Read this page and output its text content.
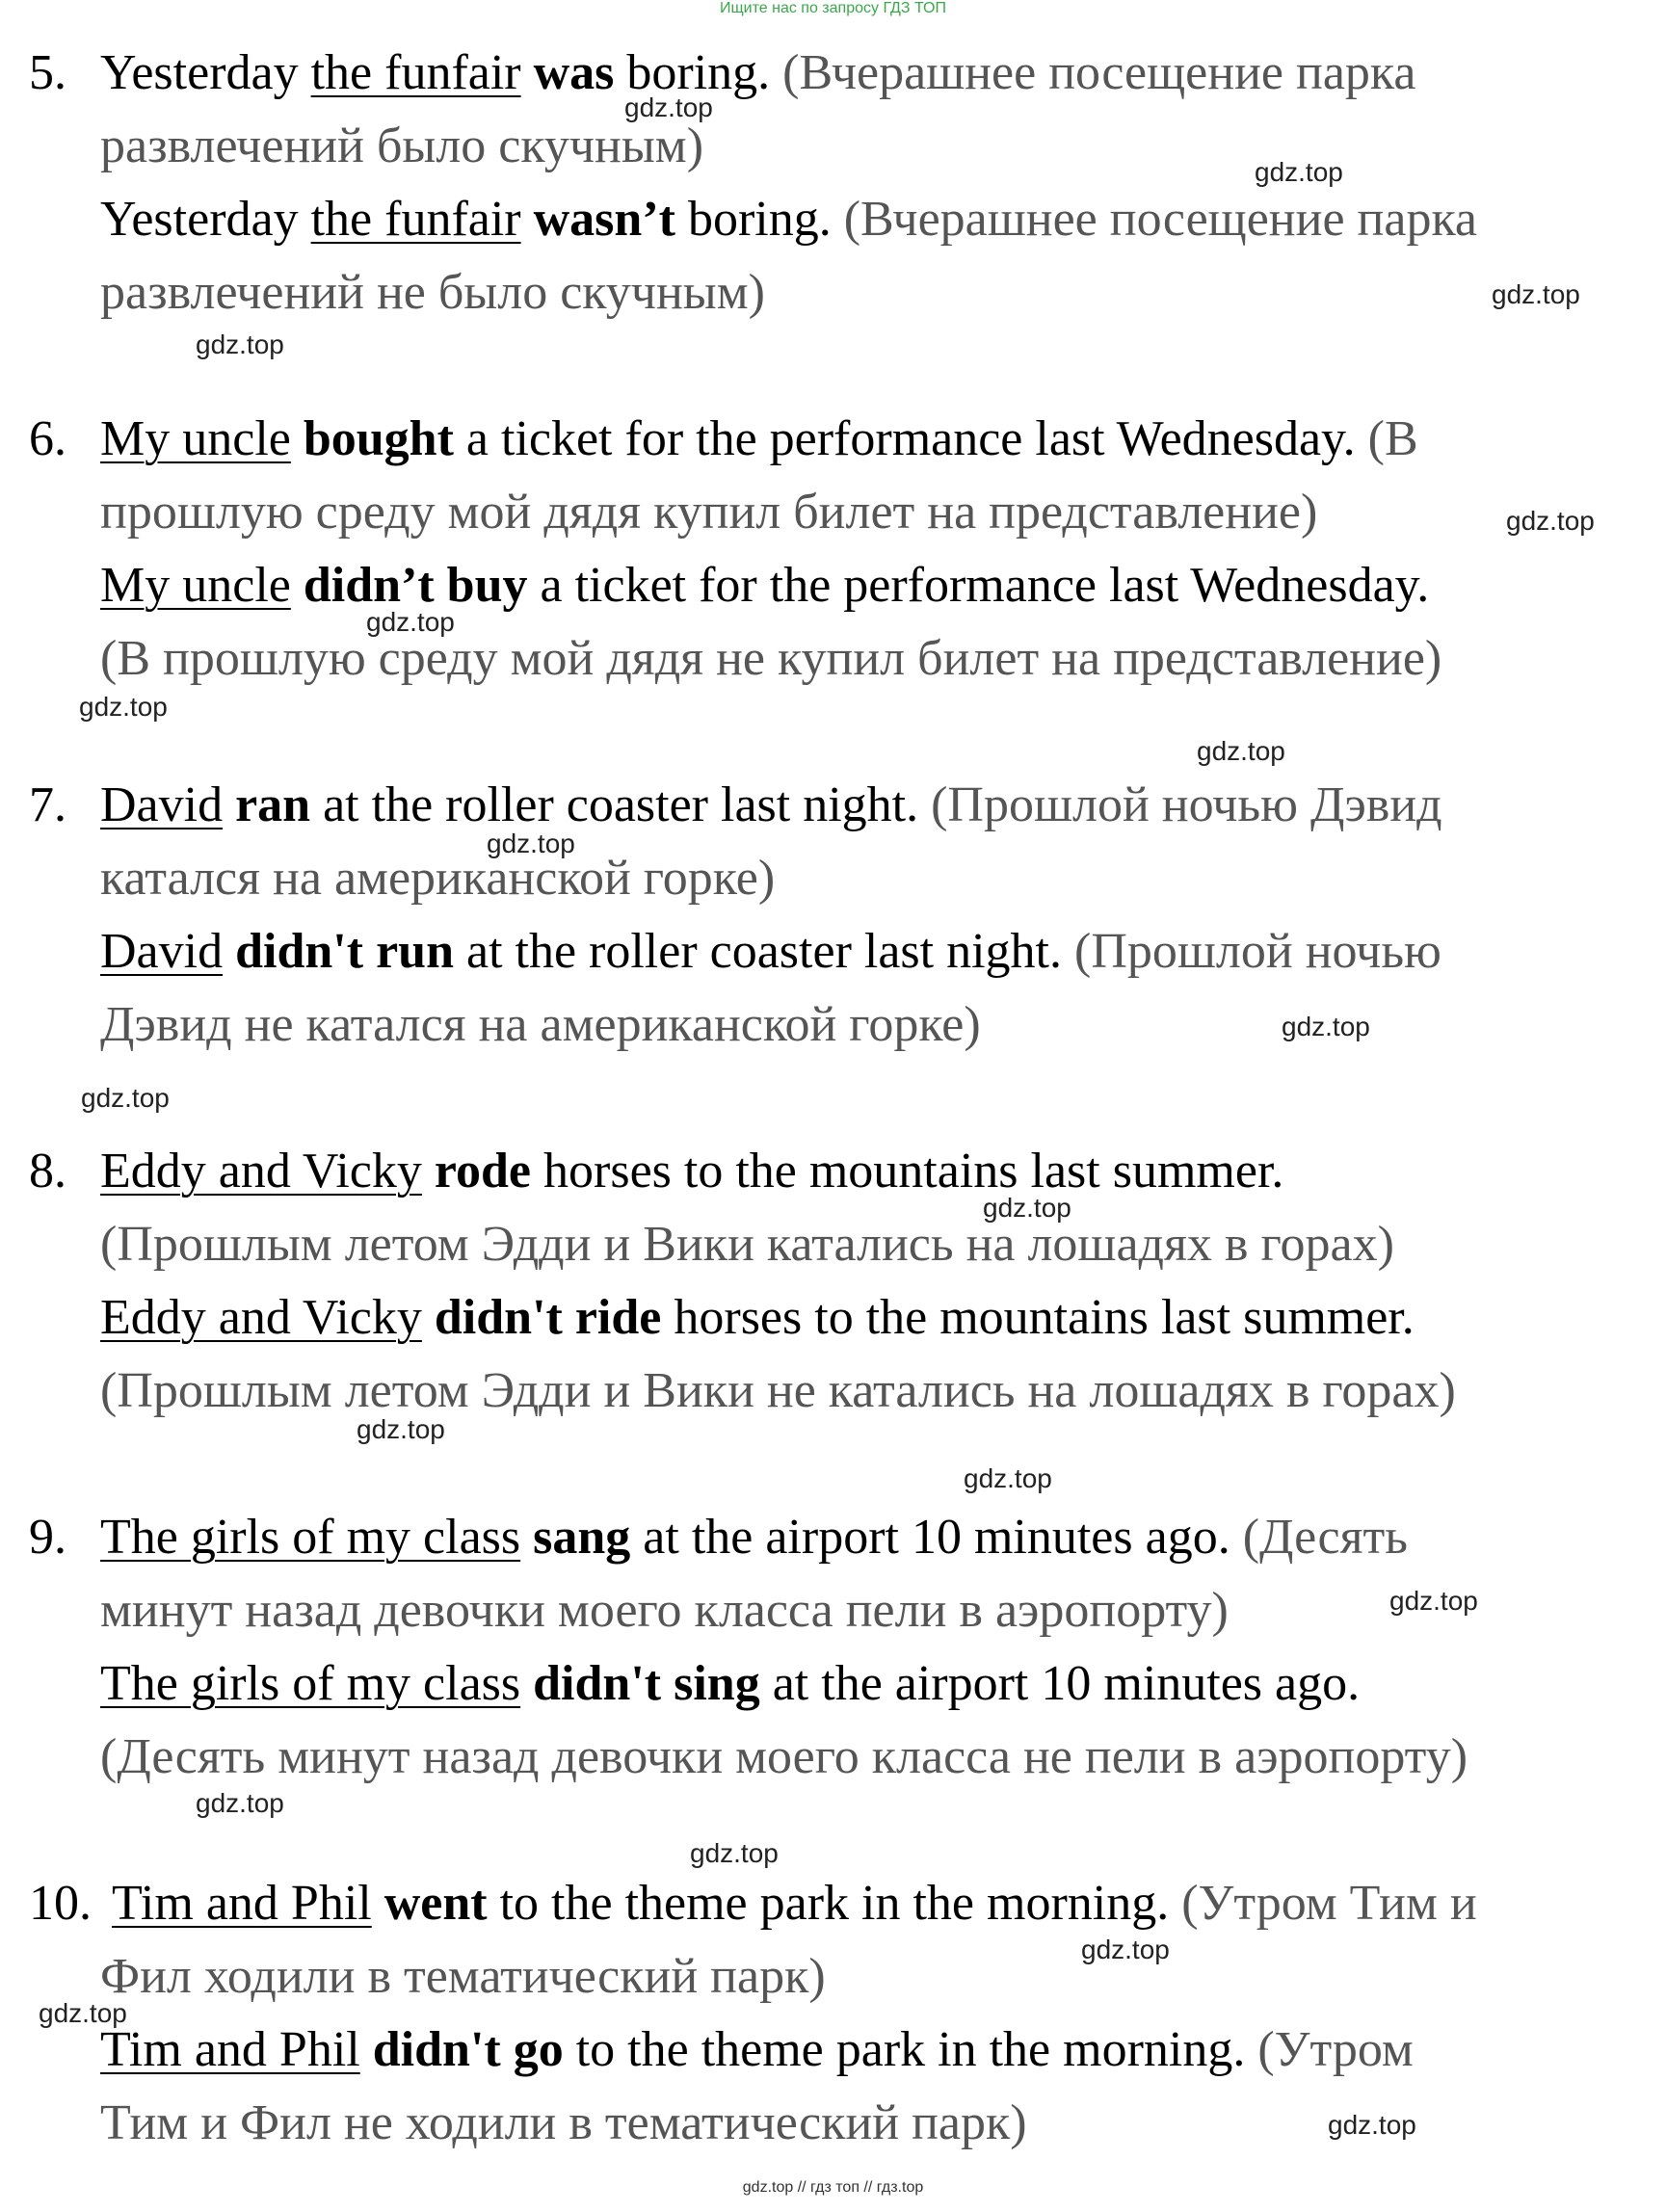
Ищите нас по запросу ГДЗ ТОП
5. Yesterday the funfair was boring. (Вчерашнее посещение парка
развлечений было скучным)
Yesterday the funfair wasn’t boring. (Вчерашнее посещение парка
развлечений не было скучным)
6. My uncle bought a ticket for the performance last Wednesday. (В
прошлую среду мой дядя купил билет на представление)
My uncle didn’t buy a ticket for the performance last Wednesday.
(В прошлую среду мой дядя не купил билет на представление)
7. David ran at the roller coaster last night. (Прошлой ночью Дэвид
катался на американской горке)
David didn't run at the roller coaster last night. (Прошлой ночью
Дэвид не катался на американской горке)
8. Eddy and Vicky rode horses to the mountains last summer.
(Прошлым летом Эдди и Вики катались на лошадях в горах)
Eddy and Vicky didn't ride horses to the mountains last summer.
(Прошлым летом Эдди и Вики не катались на лошадях в горах)
9. The girls of my class sang at the airport 10 minutes ago. (Десять
минут назад девочки моего класса пели в аэропорту)
The girls of my class didn't sing at the airport 10 minutes ago.
(Десять минут назад девочки моего класса не пели в аэропорту)
10. Tim and Phil went to the theme park in the morning. (Утром Тим и
Фил ходили в тематический парк)
Tim and Phil didn't go to the theme park in the morning. (Утром
Тим и Фил не ходили в тематический парк)
gdz.top
gdz.top
gdz.top
gdz.top
gdz.top
gdz.top
gdz.top
gdz.top
gdz.top
gdz.top
gdz.top
gdz.top
gdz.top
gdz.top
gdz.top
gdz.top
gdz.top
gdz.top
gdz.top
gdz.top
gdz.top // гдз топ // гдз.top
